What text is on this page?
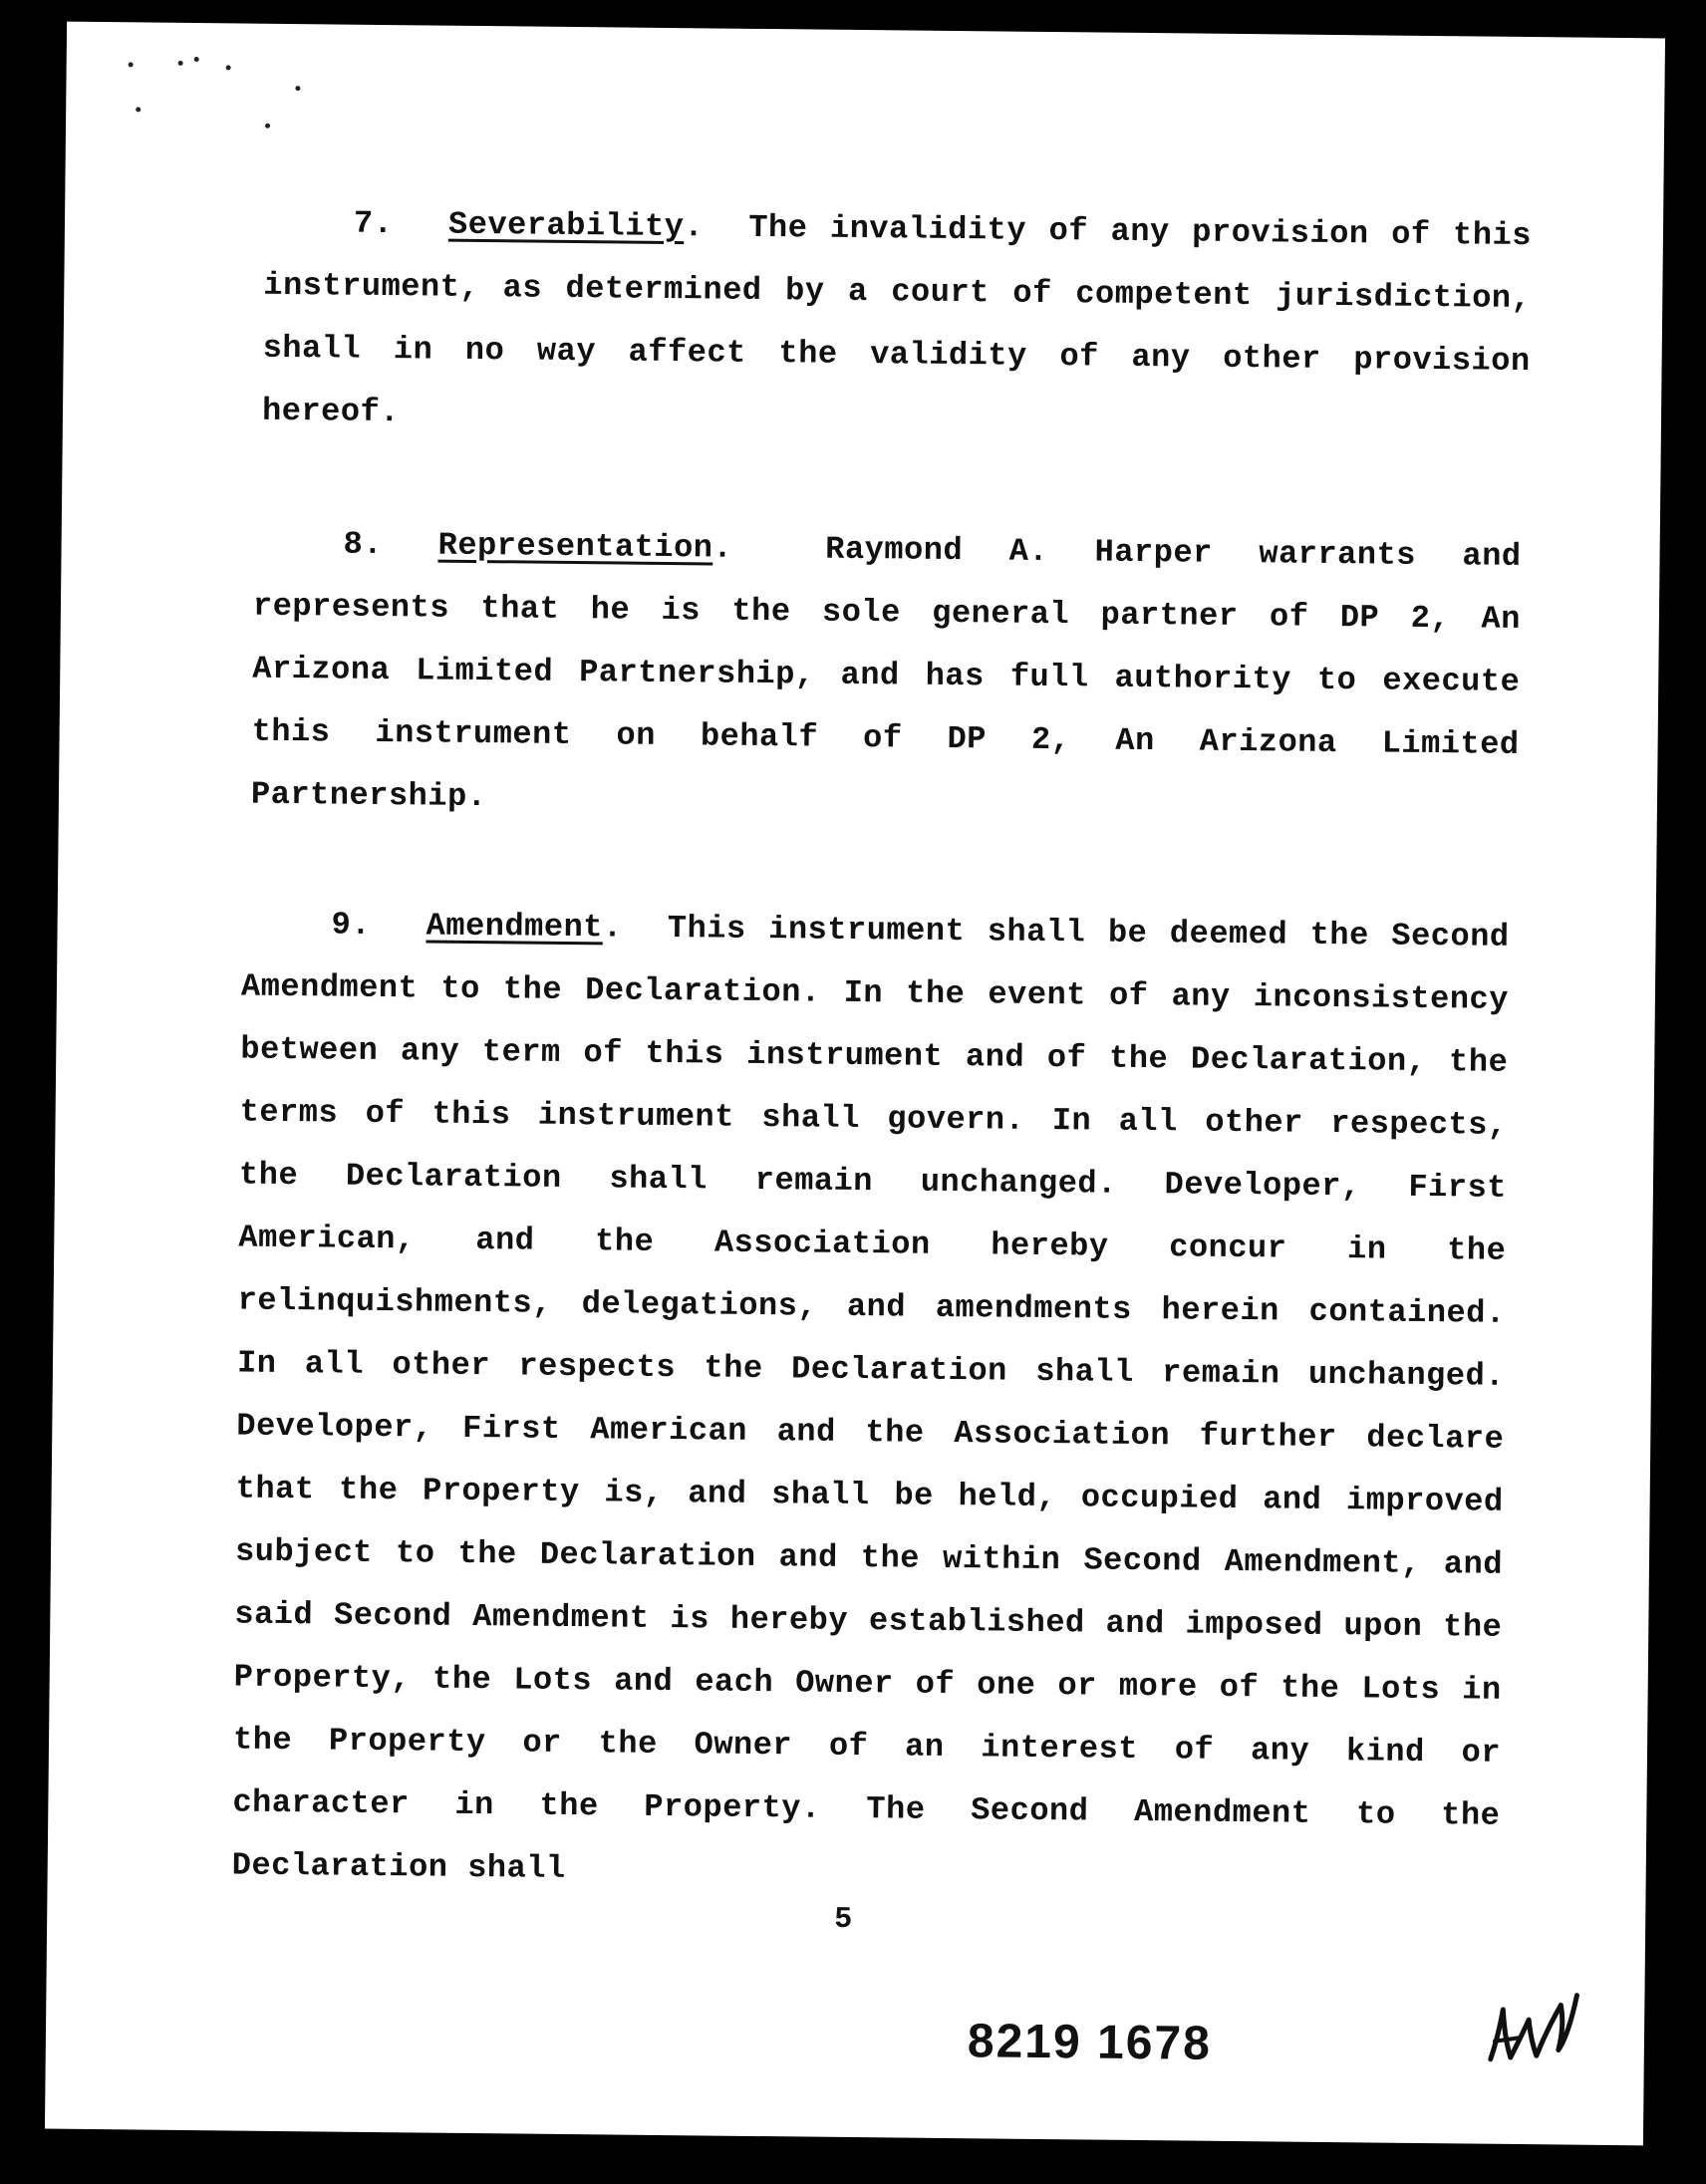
7. Severability.  The invalidity of any provision of this instrument, as determined by a court of competent jurisdiction, shall in no way affect the validity of any other provision hereof.

8. Representation.  Raymond A. Harper warrants and represents that he is the sole general partner of DP 2, An Arizona Limited Partnership, and has full authority to execute this instrument on behalf of DP 2, An Arizona Limited Partnership.

9. Amendment.  This instrument shall be deemed the Second Amendment to the Declaration. In the event of any inconsistency between any term of this instrument and of the Declaration, the terms of this instrument shall govern. In all other respects, the Declaration shall remain unchanged. Developer, First American, and the Association hereby concur in the relinquishments, delegations, and amendments herein contained. In all other respects the Declaration shall remain unchanged. Developer, First American and the Association further declare that the Property is, and shall be held, occupied and improved subject to the Declaration and the within Second Amendment, and said Second Amendment is hereby established and imposed upon the Property, the Lots and each Owner of one or more of the Lots in the Property or the Owner of an interest of any kind or character in the Property. The Second Amendment to the Declaration shall

5
8219 1678
